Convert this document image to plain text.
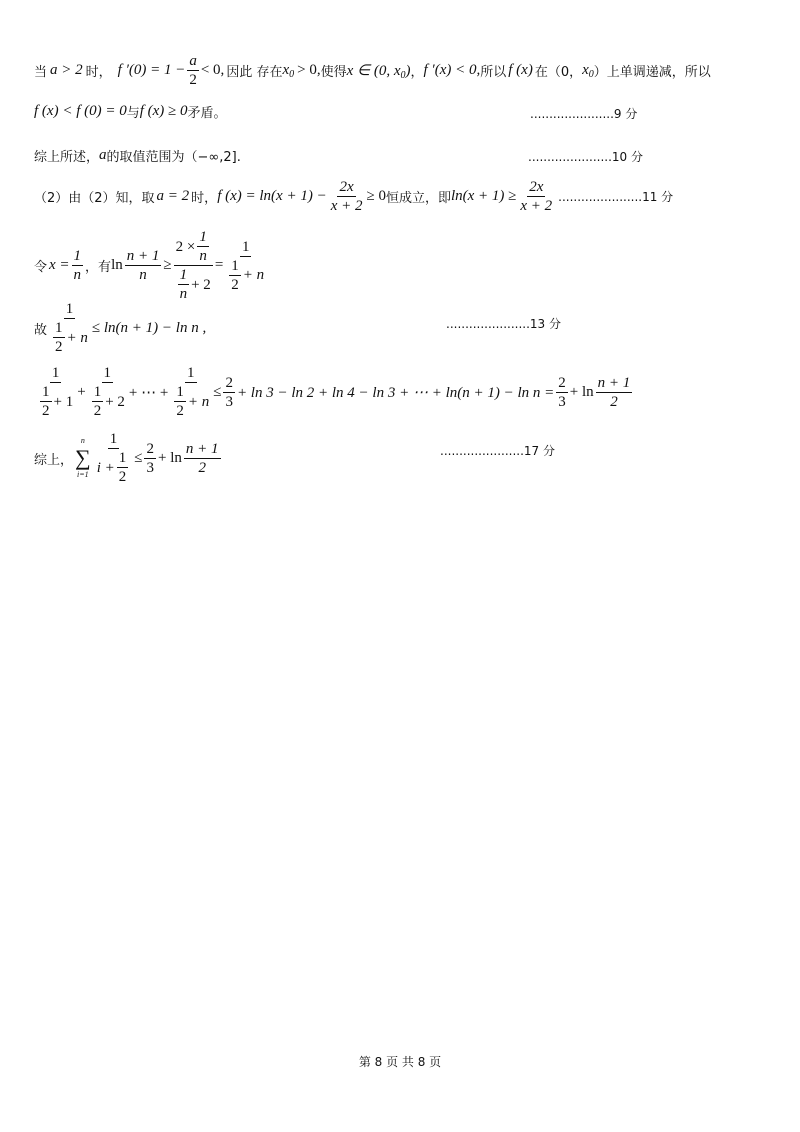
当 a > 2 时， f $'(0) = 1 - \frac{a}{2} < 0$, 因此 存在 $x_0 > 0$, 使得 x ∈ (0, $x_0$) ， f ′(x) < 0, 所以 f (x) 在（0， $x_0$ ）上单调递减，所以
f (x) < f (0) = 0 与 f (x) ≥ 0 矛盾。	......................9 分
综上所述， a 的取值范围为（−∞,2].	......................10 分
（2）由（2）知，取 a = 2 时， f $(x) = \ln(x + 1) - \frac{2x}{x + 2} \ge 0$ 恒成立，即 $\ln(x + 1) \ge \frac{2x}{x + 2} ......................11$ 分
令 $x = \frac{1}{n}$ ，有 $\ln \frac{n + 1}{n} \ge \frac{2 \times \frac{1}{n}}{\frac{1}{n} + 2} = \frac{1}{\frac{1}{2} + n}$
故 $\frac{1}{\frac{1}{2} + n} \le \ln(n + 1) - \ln n$ ,	......................13 分
$\frac{1}{\frac{1}{2} + 1} + \frac{1}{\frac{1}{2} + 2}$ + ⋯ + $\frac{1}{\frac{1}{2} + n} \le \frac{2}{3} + \ln 3 - \ln 2 + \ln 4 - \ln 3$ + ⋯ + $\ln(n + 1) - \ln n = \frac{2}{3} + \ln \frac{n + 1}{2}$
综上，
n
∑
$i=1 \frac{1}{i + \frac{1}{2}} \le \frac{2}{3} + \ln \frac{n + 1}{2}$	......................17 分
第 8 页 共 8 页
